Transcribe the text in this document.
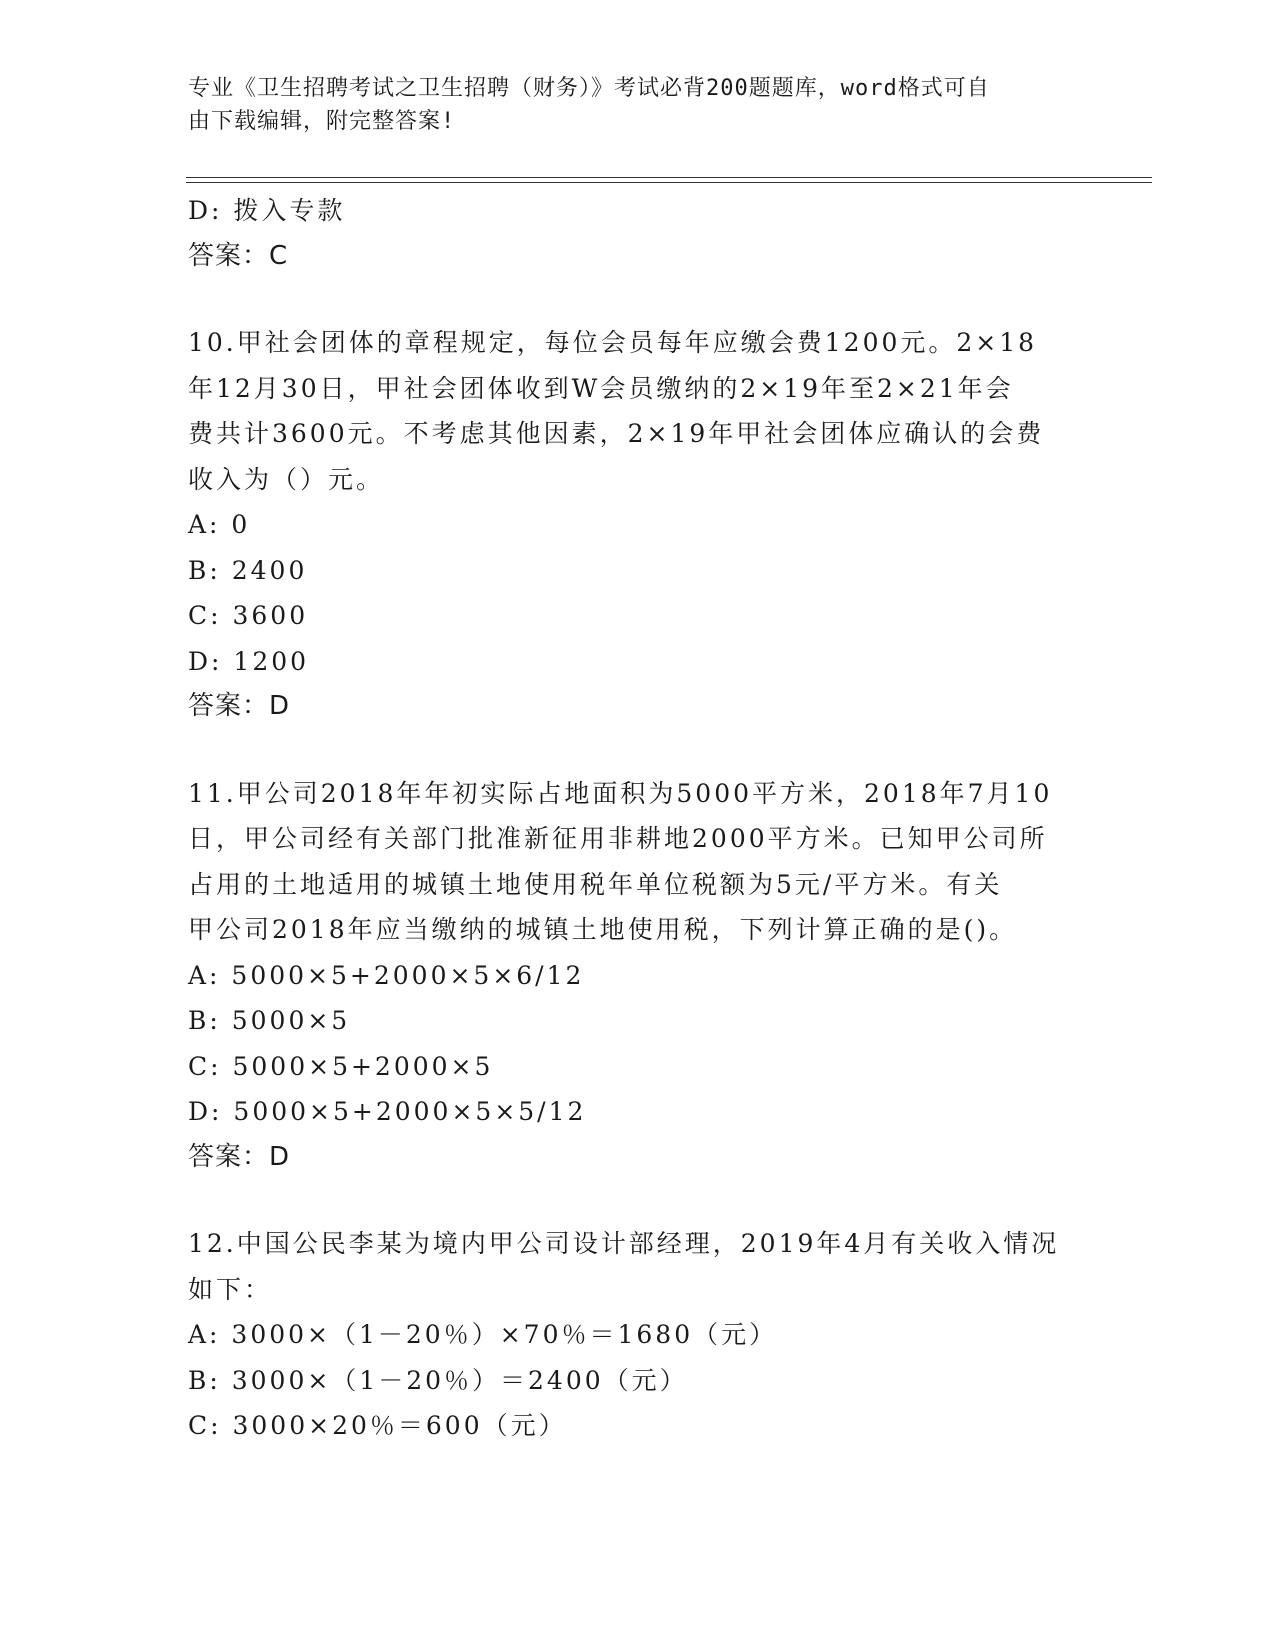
专业《卫生招聘考试之卫生招聘（财务）》考试必背200题题库，word格式可自
由下载编辑，附完整答案!
D: 拨入专款
答案：C
10.甲社会团体的章程规定，每位会员每年应缴会费1200元。2×18
年12月30日，甲社会团体收到W会员缴纳的2×19年至2×21年会
费共计3600元。不考虑其他因素，2×19年甲社会团体应确认的会费
收入为（）元。
A: 0
B: 2400
C: 3600
D: 1200
答案：D
11.甲公司2018年年初实际占地面积为5000平方米，2018年7月10
日，甲公司经有关部门批准新征用非耕地2000平方米。已知甲公司所
占用的土地适用的城镇土地使用税年单位税额为5元/平方米。有关
甲公司2018年应当缴纳的城镇土地使用税，下列计算正确的是()。
A: 5000×5+2000×5×6/12
B: 5000×5
C: 5000×5+2000×5
D: 5000×5+2000×5×5/12
答案：D
12.中国公民李某为境内甲公司设计部经理，2019年4月有关收入情况
如下：
A: 3000×（1－20％）×70％＝1680（元）
B: 3000×（1－20％）＝2400（元）
C: 3000×20％＝600（元）
